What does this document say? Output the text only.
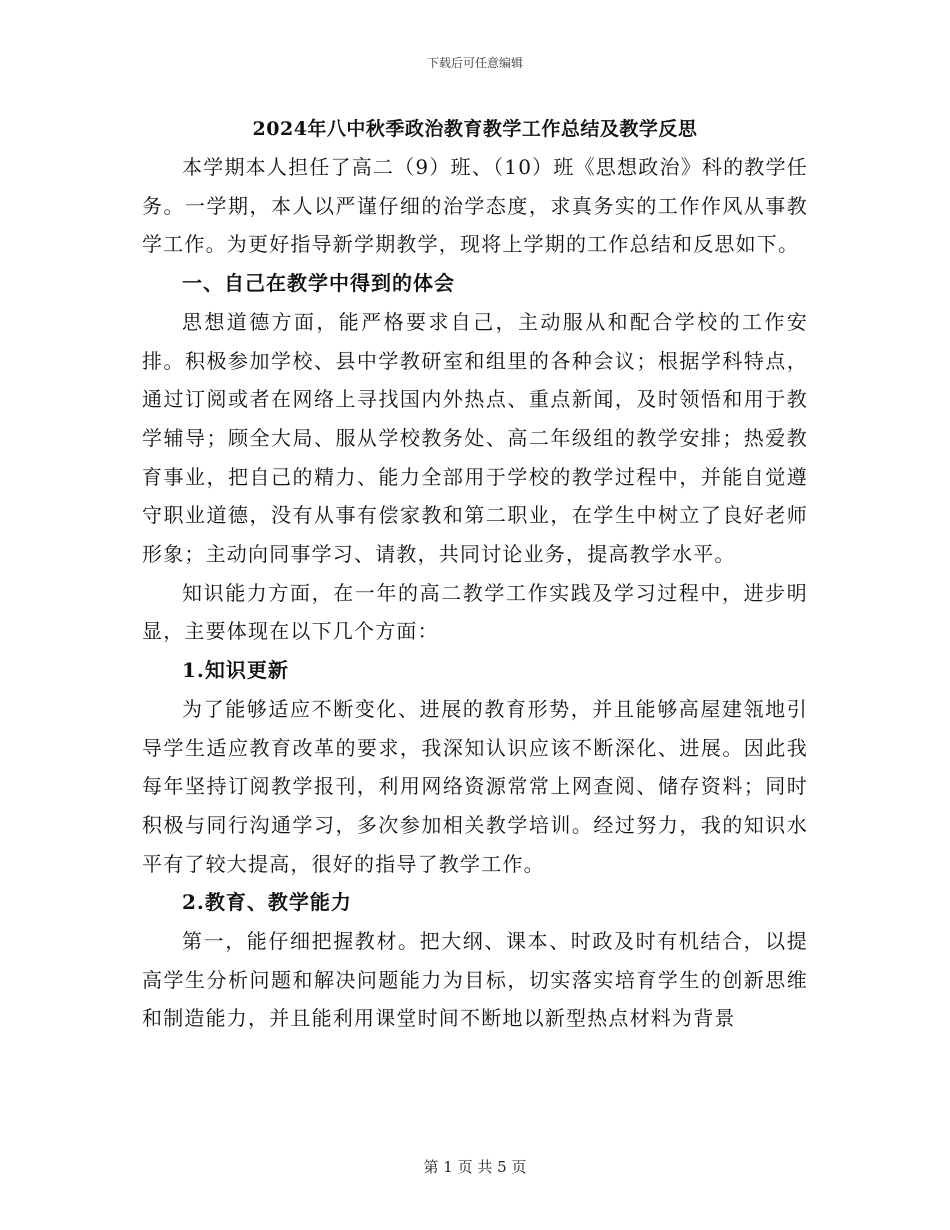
下载后可任意编辑
2024年八中秋季政治教育教学工作总结及教学反思

本学期本人担任了高二（9）班、（10）班《思想政治》科的教学任务。一学期，本人以严谨仔细的治学态度，求真务实的工作作风从事教学工作。为更好指导新学期教学，现将上学期的工作总结和反思如下。

一、自己在教学中得到的体会

思想道德方面，能严格要求自己，主动服从和配合学校的工作安排。积极参加学校、县中学教研室和组里的各种会议；根据学科特点，通过订阅或者在网络上寻找国内外热点、重点新闻，及时领悟和用于教学辅导；顾全大局、服从学校教务处、高二年级组的教学安排；热爱教育事业，把自己的精力、能力全部用于学校的教学过程中，并能自觉遵守职业道德，没有从事有偿家教和第二职业，在学生中树立了良好老师形象；主动向同事学习、请教，共同讨论业务，提高教学水平。

知识能力方面，在一年的高二教学工作实践及学习过程中，进步明显，主要体现在以下几个方面：

1.知识更新

为了能够适应不断变化、进展的教育形势，并且能够高屋建瓴地引导学生适应教育改革的要求，我深知认识应该不断深化、进展。因此我每年坚持订阅教学报刊，利用网络资源常常上网查阅、储存资料；同时积极与同行沟通学习，多次参加相关教学培训。经过努力，我的知识水平有了较大提高，很好的指导了教学工作。

2.教育、教学能力

第一，能仔细把握教材。把大纲、课本、时政及时有机结合，以提高学生分析问题和解决问题能力为目标，切实落实培育学生的创新思维和制造能力，并且能利用课堂时间不断地以新型热点材料为背景

第 1 页 共 5 页
